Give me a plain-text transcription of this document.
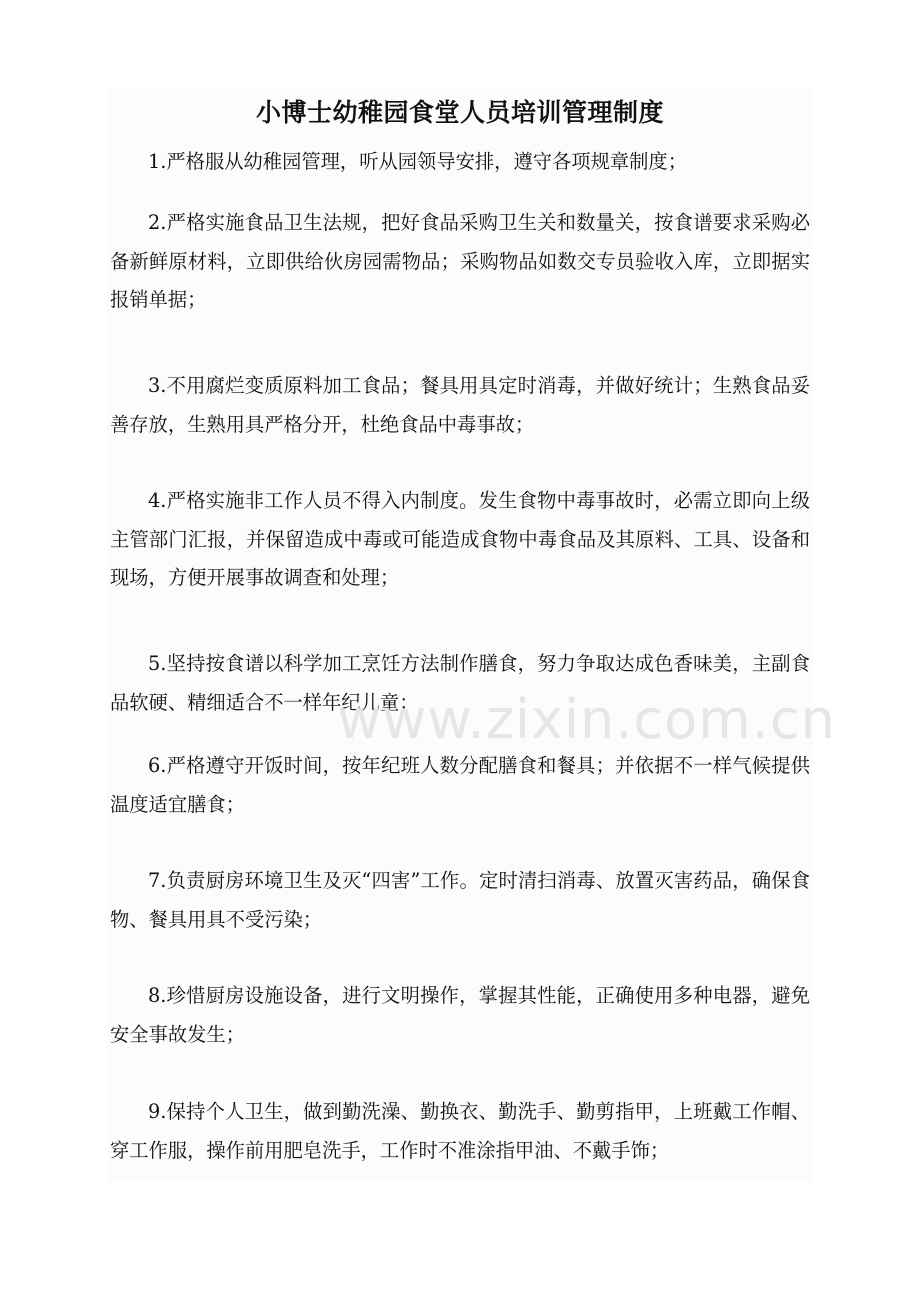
小博士幼稚园食堂人员培训管理制度

1.严格服从幼稚园管理，听从园领导安排，遵守各项规章制度；

2.严格实施食品卫生法规，把好食品采购卫生关和数量关，按食谱要求采购必备新鲜原材料，立即供给伙房园需物品；采购物品如数交专员验收入库，立即据实报销单据；

3.不用腐烂变质原料加工食品；餐具用具定时消毒，并做好统计；生熟食品妥善存放，生熟用具严格分开，杜绝食品中毒事故；

4.严格实施非工作人员不得入内制度。发生食物中毒事故时，必需立即向上级主管部门汇报，并保留造成中毒或可能造成食物中毒食品及其原料、工具、设备和现场，方便开展事故调查和处理；

5.坚持按食谱以科学加工烹饪方法制作膳食，努力争取达成色香味美，主副食品软硬、精细适合不一样年纪儿童；

6.严格遵守开饭时间，按年纪班人数分配膳食和餐具；并依据不一样气候提供温度适宜膳食；

7.负责厨房环境卫生及灭“四害”工作。定时清扫消毒、放置灭害药品，确保食物、餐具用具不受污染；

8.珍惜厨房设施设备，进行文明操作，掌握其性能，正确使用多种电器，避免安全事故发生；

9.保持个人卫生，做到勤洗澡、勤换衣、勤洗手、勤剪指甲，上班戴工作帽、穿工作服，操作前用肥皂洗手，工作时不准涂指甲油、不戴手饰；

www.zixin.com.cn
